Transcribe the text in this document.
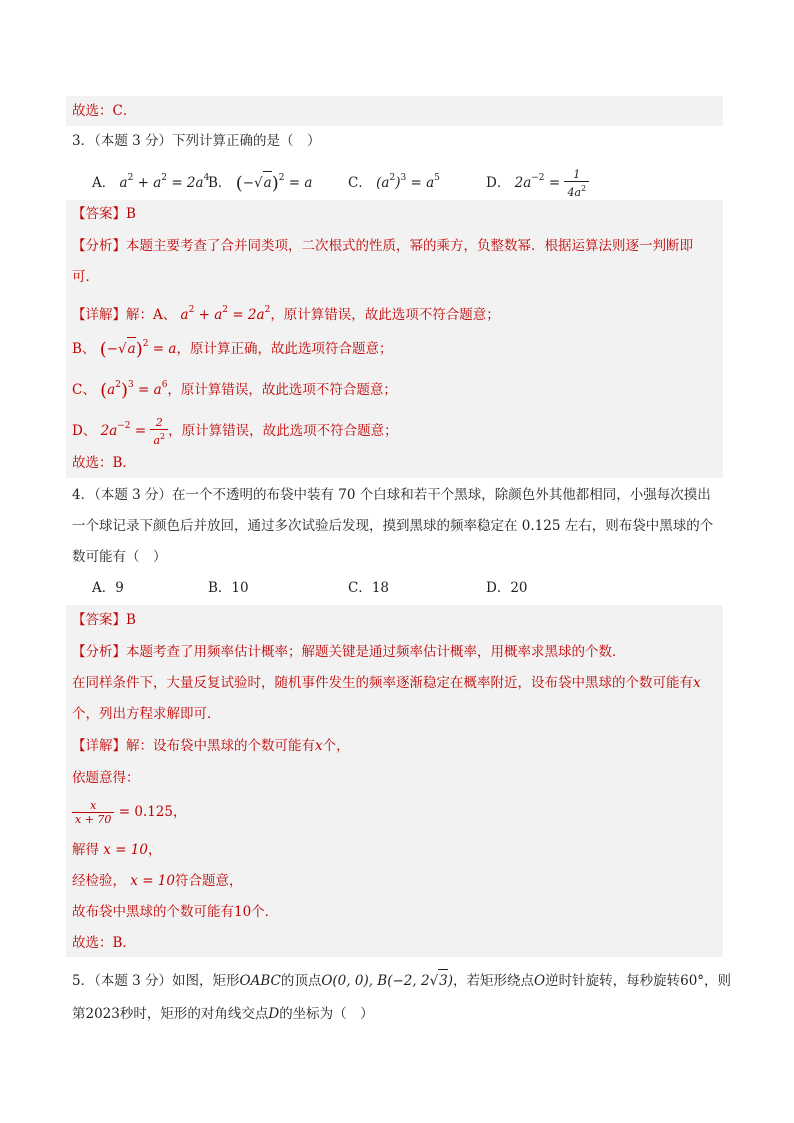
故选：C．
3．（本题 3 分）下列计算正确的是（　）
A． $a^2 + a^2 = 2a^4$
B． $(-√a)^2 = a$	C． $(a^2)^3 = a^5$	D． $2a^{-2} = \frac{1}{4a^2}$
【答案】B
【分析】本题主要考查了合并同类项，二次根式的性质，幂的乘方，负整数幂．根据运算法则逐一判断即
可．
【详解】解：A、 $a^2 + a^2 = 2a^2$，原计算错误，故此选项不符合题意；
B、 $(-√a)^2 = a$，原计算正确，故此选项符合题意；
C、 $(a^2)^3 = a^6$，原计算错误，故此选项不符合题意；
D、 $2a^{-2} = \frac{2}{a^2}$ ，原计算错误，故此选项不符合题意；
故选：B．
4．（本题 3 分）在一个不透明的布袋中装有 70 个白球和若干个黑球，除颜色外其他都相同，小强每次摸出
一个球记录下颜色后并放回，通过多次试验后发现，摸到黑球的频率稳定在 0.125 左右，则布袋中黑球的个
数可能有（　）
A．9	B．10	C．18	D．20
【答案】B
【分析】本题考查了用频率估计概率；解题关键是通过频率估计概率，用概率求黑球的个数．
在同样条件下，大量反复试验时，随机事件发生的频率逐渐稳定在概率附近，设布袋中黑球的个数可能有x
个，列出方程求解即可．
【详解】解：设布袋中黑球的个数可能有x个，
依题意得：
$\frac{x}{x + 70} = 0.125$，
解得 x = 10，
经检验， x = 10符合题意，
故布袋中黑球的个数可能有10个．
故选：B．
5．（本题 3 分）如图，矩形OABC的顶点O(0, 0), B(−2, 2√3)，若矩形绕点O逆时针旋转，每秒旋转60°，则
第2023秒时，矩形的对角线交点D的坐标为（　）
